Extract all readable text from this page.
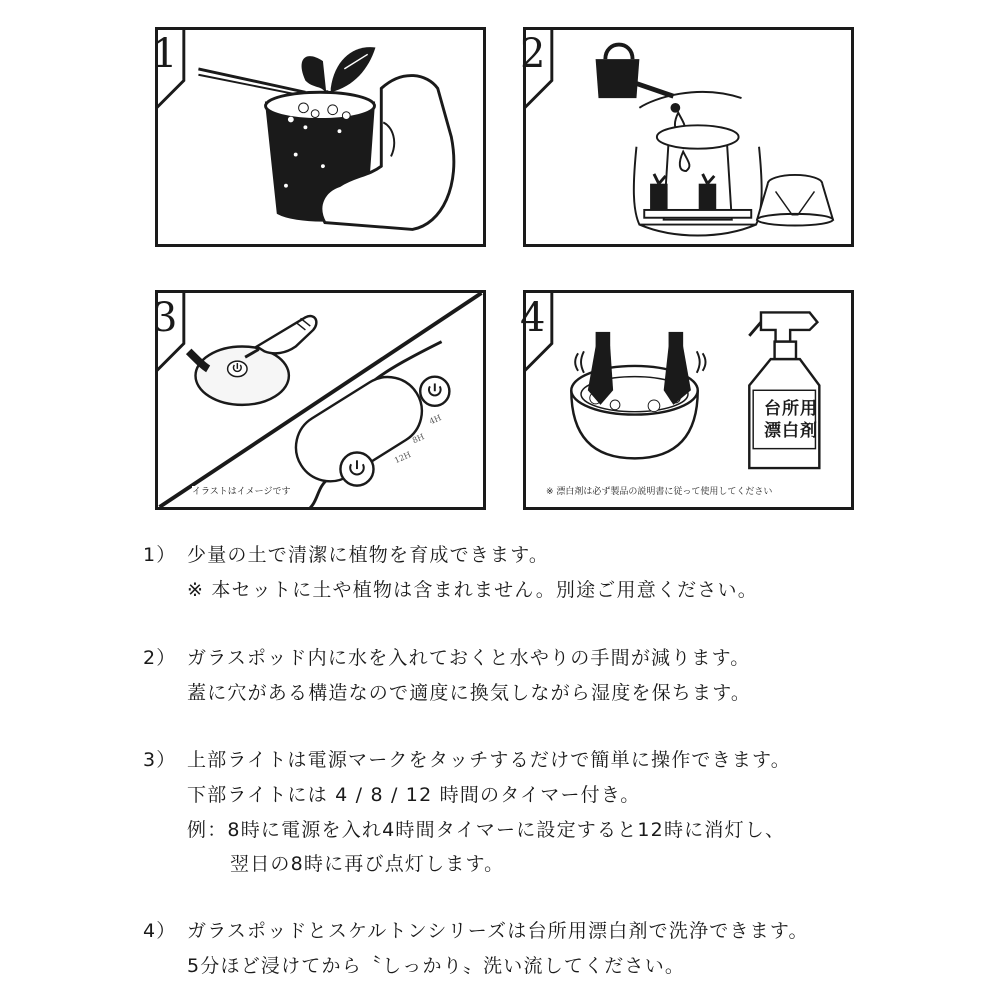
1	2
3
4H
8H
12H
イラストはイメージです
4
台所用
漂白剤
※ 漂白剤は必ず製品の説明書に従って使用してください
1） 少量の土で清潔に植物を育成できます。
※ 本セットに土や植物は含まれません。別途ご用意ください。
2） ガラスポッド内に水を入れておくと水やりの手間が減ります。
蓋に穴がある構造なので適度に換気しながら湿度を保ちます。
3） 上部ライトは電源マークをタッチするだけで簡単に操作できます。
下部ライトには 4 / 8 / 12 時間のタイマー付き。
例：8時に電源を入れ4時間タイマーに設定すると12時に消灯し、
翌日の8時に再び点灯します。
4） ガラスポッドとスケルトンシリーズは台所用漂白剤で洗浄できます。
5分ほど浸けてから〝しっかり〟洗い流してください。
